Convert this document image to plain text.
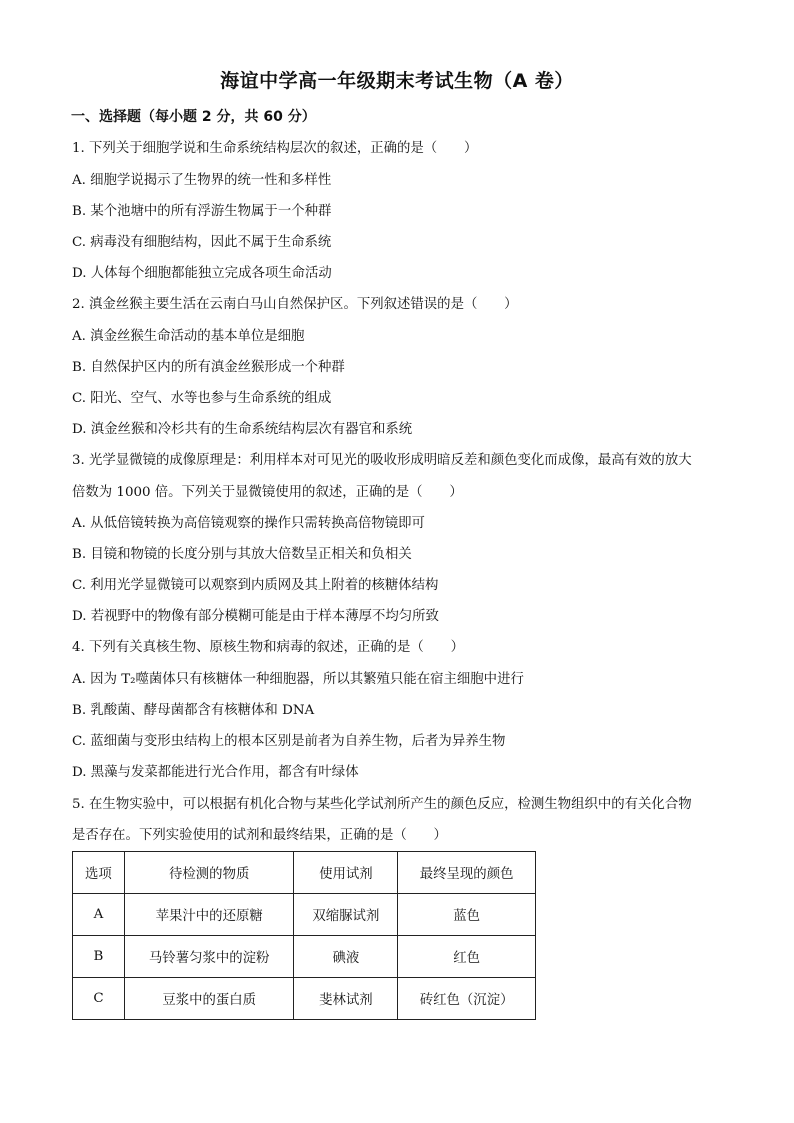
海谊中学高一年级期末考试生物（A 卷）
一、选择题（每小题 2 分，共 60 分）
1. 下列关于细胞学说和生命系统结构层次的叙述，正确的是（　　）
A. 细胞学说揭示了生物界的统一性和多样性
B. 某个池塘中的所有浮游生物属于一个种群
C. 病毒没有细胞结构，因此不属于生命系统
D. 人体每个细胞都能独立完成各项生命活动
2. 滇金丝猴主要生活在云南白马山自然保护区。下列叙述错误的是（　　）
A. 滇金丝猴生命活动的基本单位是细胞
B. 自然保护区内的所有滇金丝猴形成一个种群
C. 阳光、空气、水等也参与生命系统的组成
D. 滇金丝猴和冷杉共有的生命系统结构层次有器官和系统
3. 光学显微镜的成像原理是：利用样本对可见光的吸收形成明暗反差和颜色变化而成像，最高有效的放大
倍数为 1000 倍。下列关于显微镜使用的叙述，正确的是（　　）
A. 从低倍镜转换为高倍镜观察的操作只需转换高倍物镜即可
B. 目镜和物镜的长度分别与其放大倍数呈正相关和负相关
C. 利用光学显微镜可以观察到内质网及其上附着的核糖体结构
D. 若视野中的物像有部分模糊可能是由于样本薄厚不均匀所致
4. 下列有关真核生物、原核生物和病毒的叙述，正确的是（　　）
A. 因为 T₂噬菌体只有核糖体一种细胞器，所以其繁殖只能在宿主细胞中进行
B. 乳酸菌、酵母菌都含有核糖体和 DNA
C. 蓝细菌与变形虫结构上的根本区别是前者为自养生物，后者为异养生物
D. 黑藻与发菜都能进行光合作用，都含有叶绿体
5. 在生物实验中，可以根据有机化合物与某些化学试剂所产生的颜色反应，检测生物组织中的有关化合物
是否存在。下列实验使用的试剂和最终结果，正确的是（　　）
选项	待检测的物质	使用试剂	最终呈现的颜色
A	苹果汁中的还原糖	双缩脲试剂	蓝色
B	马铃薯匀浆中的淀粉	碘液	红色
C	豆浆中的蛋白质	斐林试剂	砖红色（沉淀）
